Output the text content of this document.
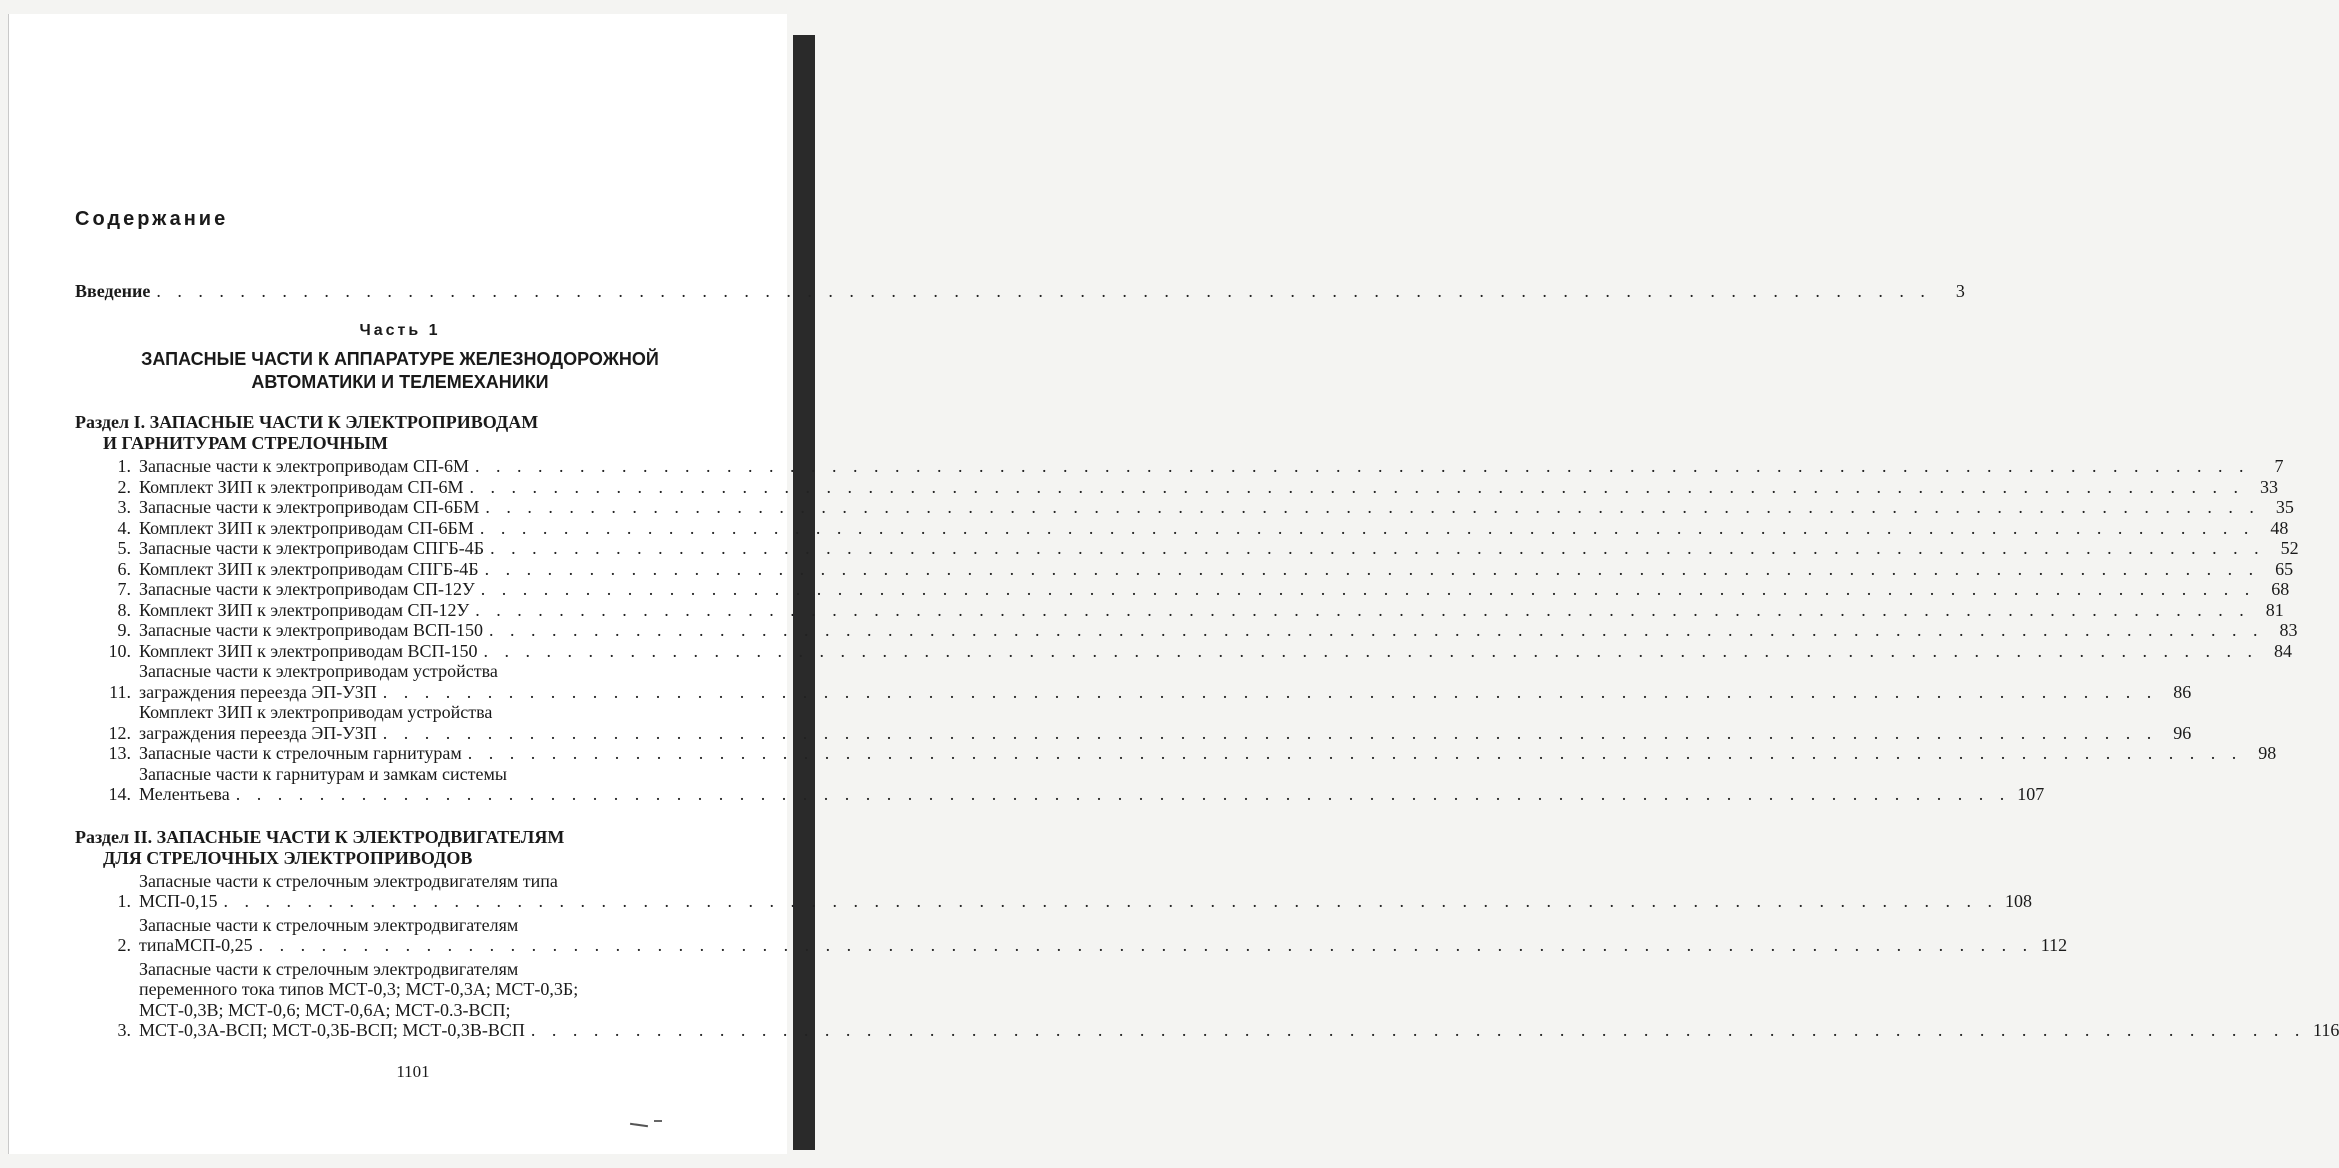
Содержание
Введение . . .	3
Часть 1
ЗАПАСНЫЕ ЧАСТИ К АППАРАТУРЕ ЖЕЛЕЗНОДОРОЖНОЙ
АВТОМАТИКИ И ТЕЛЕМЕХАНИКИ
Раздел I. ЗАПАСНЫЕ ЧАСТИ К ЭЛЕКТРОПРИВОДАМ
И ГАРНИТУРАМ СТРЕЛОЧНЫМ
1. Запасные части к электроприводам СП-6М . . .	7
2. Комплект ЗИП к электроприводам СП-6М . . .	33
3. Запасные части к электроприводам СП-6БМ . . .	35
4. Комплект ЗИП к электроприводам СП-6БМ . . .	48
5. Запасные части к электроприводам СПГБ-4Б . . .	52
6. Комплект ЗИП к электроприводам СПГБ-4Б . . .	65
7. Запасные части к электроприводам СП-12У . . .	68
8. Комплект ЗИП к электроприводам СП-12У . . .	81
9. Запасные части к электроприводам ВСП-150 . . .	83
10. Комплект ЗИП к электроприводам ВСП-150 . . .	84
11.
Запасные части к электроприводам устройства
заграждения переезда ЭП-УЗП . . .	86
12.
Комплект ЗИП к электроприводам устройства
заграждения переезда ЭП-УЗП . . .	96
13. Запасные части к стрелочным гарнитурам . . .	98
14.
Запасные части к гарнитурам и замкам системы
Мелентьева . . .	107
Раздел II. ЗАПАСНЫЕ ЧАСТИ К ЭЛЕКТРОДВИГАТЕЛЯМ
ДЛЯ СТРЕЛОЧНЫХ ЭЛЕКТРОПРИВОДОВ
1.
Запасные части к стрелочным электродвигателям типа
МСП-0,15 . . .	108
2.
Запасные части к стрелочным электродвигателям
типаМСП-0,25 . . .	112
3.
Запасные части к стрелочным электродвигателям
переменного тока типов МСТ-0,3; МСТ-0,3А; МСТ-0,3Б;
МСТ-0,3В; МСТ-0,6; МСТ-0,6А; МСТ-0.3-ВСП;
МСТ-0,3А-ВСП; МСТ-0,3Б-ВСП; МСТ-0,3В-ВСП . . .	116
1101
